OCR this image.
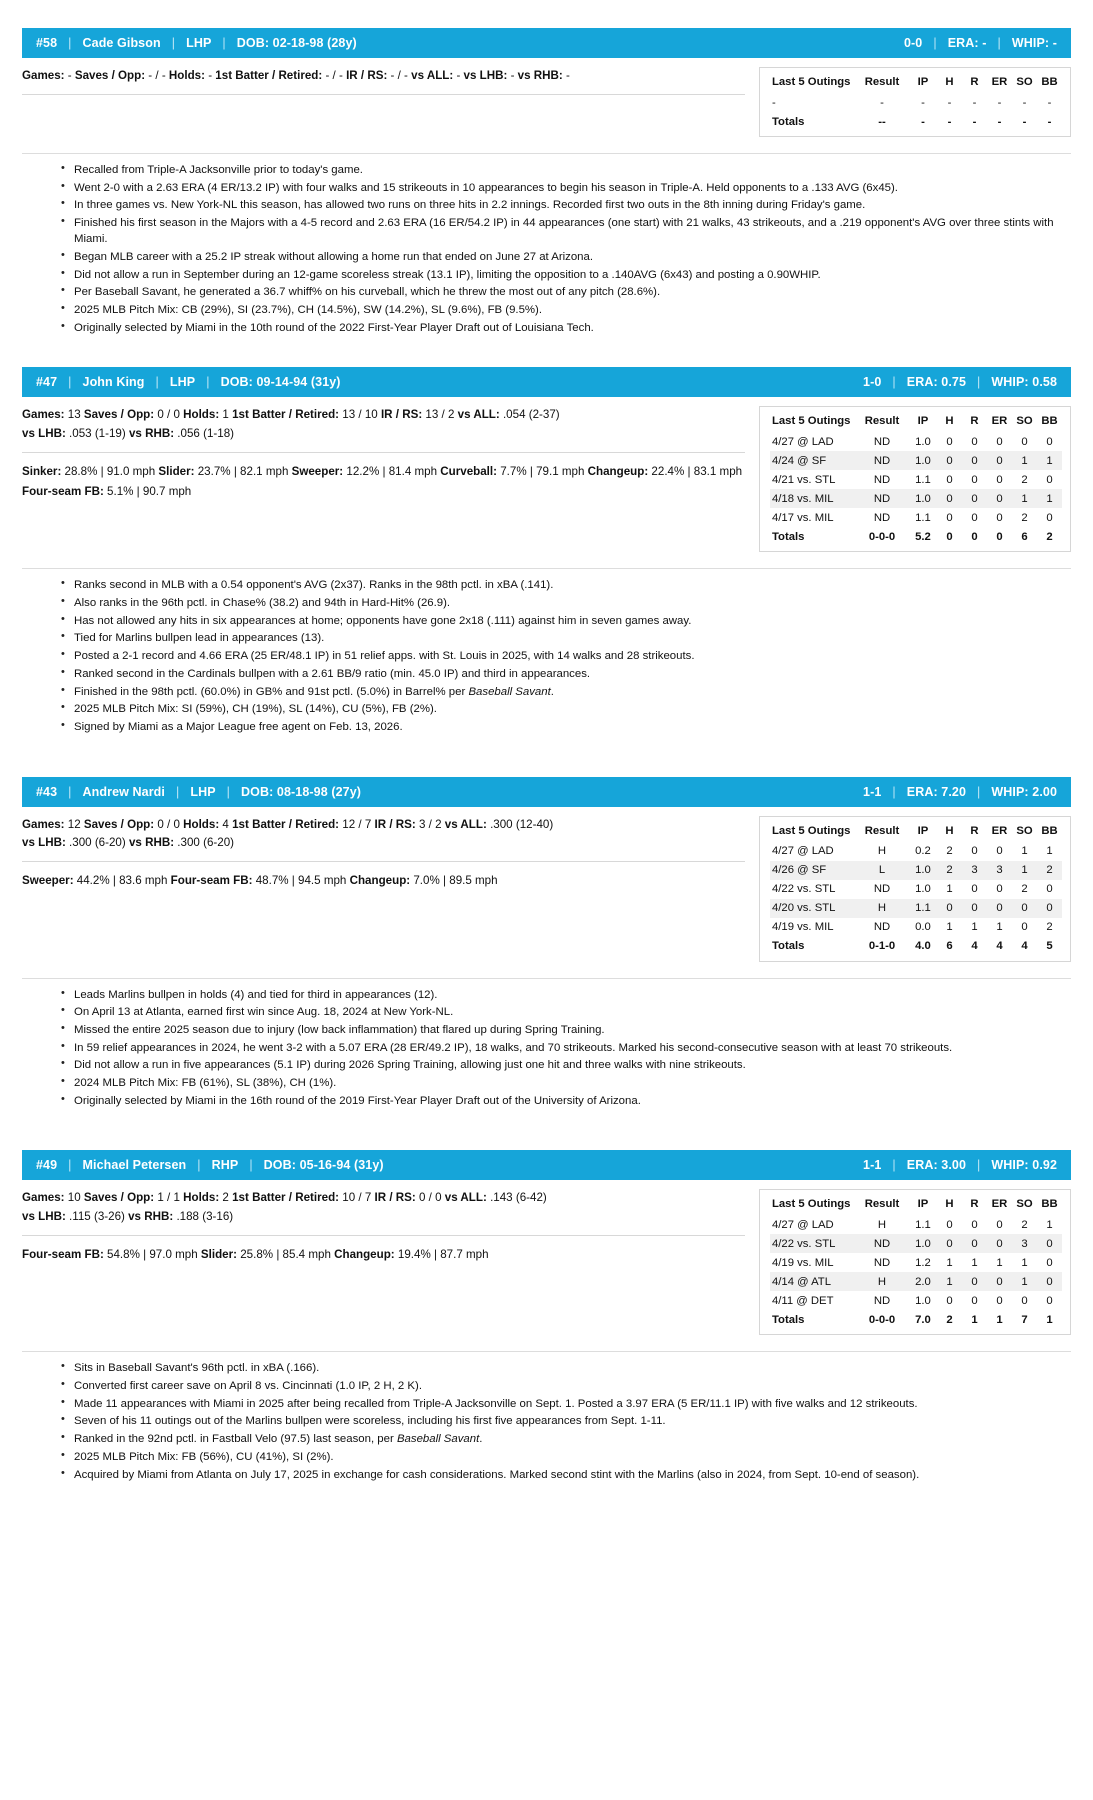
#58 | Cade Gibson | LHP | DOB: 02-18-98 (28y)	0-0 | ERA: - | WHIP: -
Games: - Saves / Opp: - / - Holds: - 1st Batter / Retired: - / - IR / RS: - / - vs ALL: - vs LHB: - vs RHB: -	Last 5 Outings	Result	IP	H	R	ER	SO	BB
-	-	-	-	-	-	-	-
Totals	--	-	-	-	-	-	-
• Recalled from Triple-A Jacksonville prior to today's game.
• Went 2-0 with a 2.63 ERA (4 ER/13.2 IP) with four walks and 15 strikeouts in 10 appearances to begin his season in Triple-A. Held opponents to a .133 AVG (6x45).
• In three games vs. New York-NL this season, has allowed two runs on three hits in 2.2 innings. Recorded first two outs in the 8th inning during Friday's game.
• Finished his first season in the Majors with a 4-5 record and 2.63 ERA (16 ER/54.2 IP) in 44 appearances (one start) with 21 walks, 43 strikeouts, and a .219 opponent's AVG over three stints with Miami.
• Began MLB career with a 25.2 IP streak without allowing a home run that ended on June 27 at Arizona.
• Did not allow a run in September during an 12-game scoreless streak (13.1 IP), limiting the opposition to a .140AVG (6x43) and posting a 0.90WHIP.
• Per Baseball Savant, he generated a 36.7 whiff% on his curveball, which he threw the most out of any pitch (28.6%).
• 2025 MLB Pitch Mix: CB (29%), SI (23.7%), CH (14.5%), SW (14.2%), SL (9.6%), FB (9.5%).
• Originally selected by Miami in the 10th round of the 2022 First-Year Player Draft out of Louisiana Tech.
#47 | John King | LHP | DOB: 09-14-94 (31y)	1-0 | ERA: 0.75 | WHIP: 0.58
Games: 13 Saves / Opp: 0 / 0 Holds: 1 1st Batter / Retired: 13 / 10 IR / RS: 13 / 2 vs ALL: .054 (2-37)
vs LHB: .053 (1-19) vs RHB: .056 (1-18)
Sinker: 28.8% | 91.0 mph Slider: 23.7% | 82.1 mph Sweeper: 12.2% | 81.4 mph Curveball: 7.7% | 79.1 mph Changeup: 22.4% | 83.1 mph Four-seam FB: 5.1% | 90.7 mph
Last 5 Outings	Result	IP	H	R	ER	SO	BB
4/27 @ LAD	ND	1.0	0	0	0	0	0
4/24 @ SF	ND	1.0	0	0	0	1	1
4/21 vs. STL	ND	1.1	0	0	0	2	0
4/18 vs. MIL	ND	1.0	0	0	0	1	1
4/17 vs. MIL	ND	1.1	0	0	0	2	0
Totals	0-0-0	5.2	0	0	0	6	2
• Ranks second in MLB with a 0.54 opponent's AVG (2x37). Ranks in the 98th pctl. in xBA (.141).
• Also ranks in the 96th pctl. in Chase% (38.2) and 94th in Hard-Hit% (26.9).
• Has not allowed any hits in six appearances at home; opponents have gone 2x18 (.111) against him in seven games away.
• Tied for Marlins bullpen lead in appearances (13).
• Posted a 2-1 record and 4.66 ERA (25 ER/48.1 IP) in 51 relief apps. with St. Louis in 2025, with 14 walks and 28 strikeouts.
• Ranked second in the Cardinals bullpen with a 2.61 BB/9 ratio (min. 45.0 IP) and third in appearances.
• Finished in the 98th pctl. (60.0%) in GB% and 91st pctl. (5.0%) in Barrel% per Baseball Savant.
• 2025 MLB Pitch Mix: SI (59%), CH (19%), SL (14%), CU (5%), FB (2%).
• Signed by Miami as a Major League free agent on Feb. 13, 2026.
#43 | Andrew Nardi | LHP | DOB: 08-18-98 (27y)	1-1 | ERA: 7.20 | WHIP: 2.00
Games: 12 Saves / Opp: 0 / 0 Holds: 4 1st Batter / Retired: 12 / 7 IR / RS: 3 / 2 vs ALL: .300 (12-40)
vs LHB: .300 (6-20) vs RHB: .300 (6-20)
Sweeper: 44.2% | 83.6 mph Four-seam FB: 48.7% | 94.5 mph Changeup: 7.0% | 89.5 mph
Last 5 Outings	Result	IP	H	R	ER	SO	BB
4/27 @ LAD	H	0.2	2	0	0	1	1
4/26 @ SF	L	1.0	2	3	3	1	2
4/22 vs. STL	ND	1.0	1	0	0	2	0
4/20 vs. STL	H	1.1	0	0	0	0	0
4/19 vs. MIL	ND	0.0	1	1	1	0	2
Totals	0-1-0	4.0	6	4	4	4	5
• Leads Marlins bullpen in holds (4) and tied for third in appearances (12).
• On April 13 at Atlanta, earned first win since Aug. 18, 2024 at New York-NL.
• Missed the entire 2025 season due to injury (low back inflammation) that flared up during Spring Training.
• In 59 relief appearances in 2024, he went 3-2 with a 5.07 ERA (28 ER/49.2 IP), 18 walks, and 70 strikeouts. Marked his second-consecutive season with at least 70 strikeouts.
• Did not allow a run in five appearances (5.1 IP) during 2026 Spring Training, allowing just one hit and three walks with nine strikeouts.
• 2024 MLB Pitch Mix: FB (61%), SL (38%), CH (1%).
• Originally selected by Miami in the 16th round of the 2019 First-Year Player Draft out of the University of Arizona.
#49 | Michael Petersen | RHP | DOB: 05-16-94 (31y)	1-1 | ERA: 3.00 | WHIP: 0.92
Games: 10 Saves / Opp: 1 / 1 Holds: 2 1st Batter / Retired: 10 / 7 IR / RS: 0 / 0 vs ALL: .143 (6-42)
vs LHB: .115 (3-26) vs RHB: .188 (3-16)
Four-seam FB: 54.8% | 97.0 mph Slider: 25.8% | 85.4 mph Changeup: 19.4% | 87.7 mph
Last 5 Outings	Result	IP	H	R	ER	SO	BB
4/27 @ LAD	H	1.1	0	0	0	2	1
4/22 vs. STL	ND	1.0	0	0	0	3	0
4/19 vs. MIL	ND	1.2	1	1	1	1	0
4/14 @ ATL	H	2.0	1	0	0	1	0
4/11 @ DET	ND	1.0	0	0	0	0	0
Totals	0-0-0	7.0	2	1	1	7	1
• Sits in Baseball Savant's 96th pctl. in xBA (.166).
• Converted first career save on April 8 vs. Cincinnati (1.0 IP, 2 H, 2 K).
• Made 11 appearances with Miami in 2025 after being recalled from Triple-A Jacksonville on Sept. 1. Posted a 3.97 ERA (5 ER/11.1 IP) with five walks and 12 strikeouts.
• Seven of his 11 outings out of the Marlins bullpen were scoreless, including his first five appearances from Sept. 1-11.
• Ranked in the 92nd pctl. in Fastball Velo (97.5) last season, per Baseball Savant.
• 2025 MLB Pitch Mix: FB (56%), CU (41%), SI (2%).
• Acquired by Miami from Atlanta on July 17, 2025 in exchange for cash considerations. Marked second stint with the Marlins (also in 2024, from Sept. 10-end of season).
